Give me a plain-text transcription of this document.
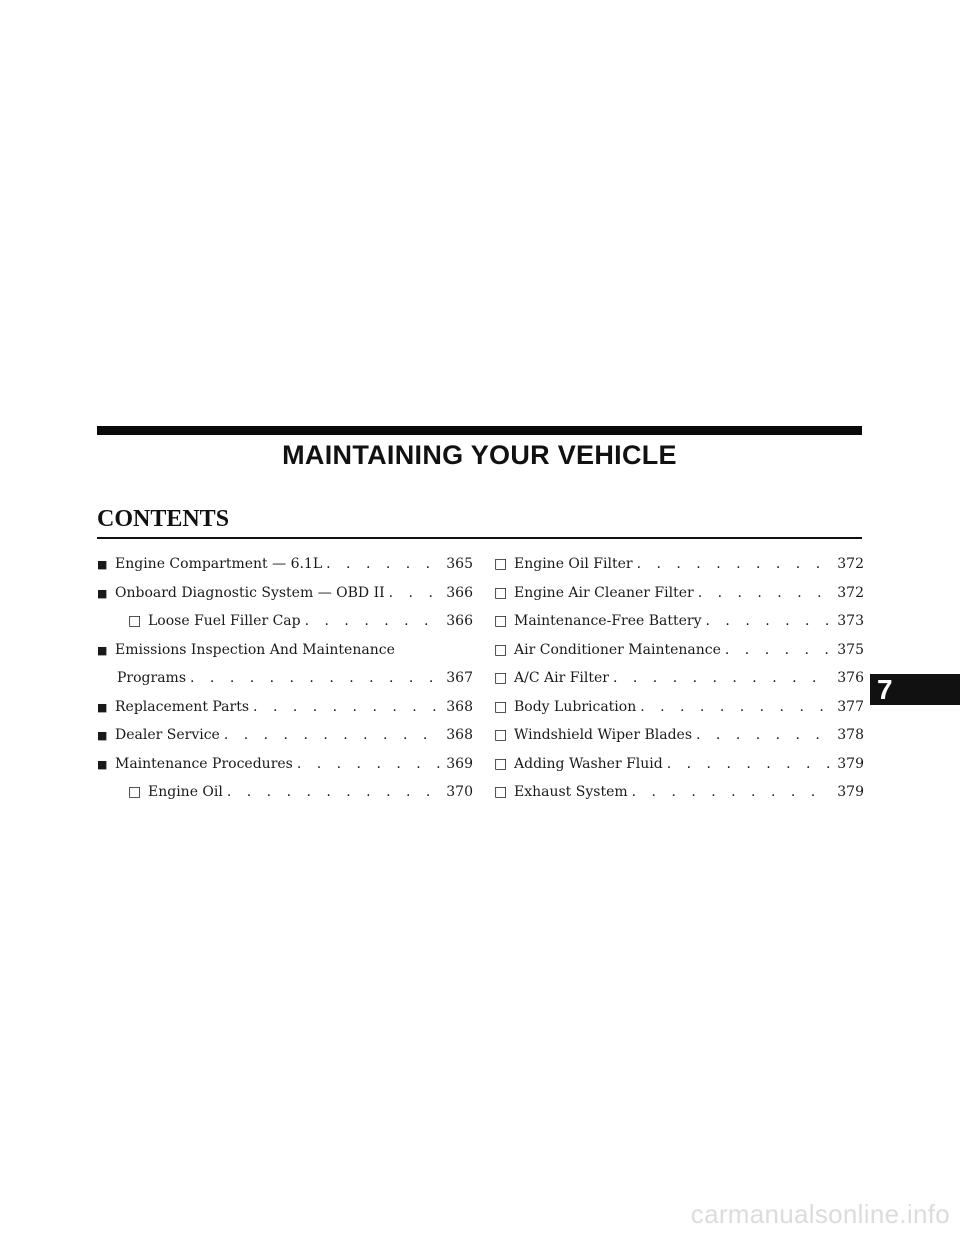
MAINTAINING YOUR VEHICLE
CONTENTS
■ Engine Compartment — 6.1L . . .	365
■ Onboard Diagnostic System — OBD II . . .	366
□ Loose Fuel Filler Cap . . .	366
■ Emissions Inspection And Maintenance
Programs . . .	367
■ Replacement Parts . . .	368
■ Dealer Service . . .	368
■ Maintenance Procedures . . .	369
□ Engine Oil . . .	370
□ Engine Oil Filter . . .	372
□ Engine Air Cleaner Filter . . .	372
□ Maintenance-Free Battery . . .	373
□ Air Conditioner Maintenance . . .	375
□ A/C Air Filter . . .	376
□ Body Lubrication . . .	377
□ Windshield Wiper Blades . . .	378
□ Adding Washer Fluid . . .	379
□ Exhaust System . . .	379
7
carmanualsonline.info
